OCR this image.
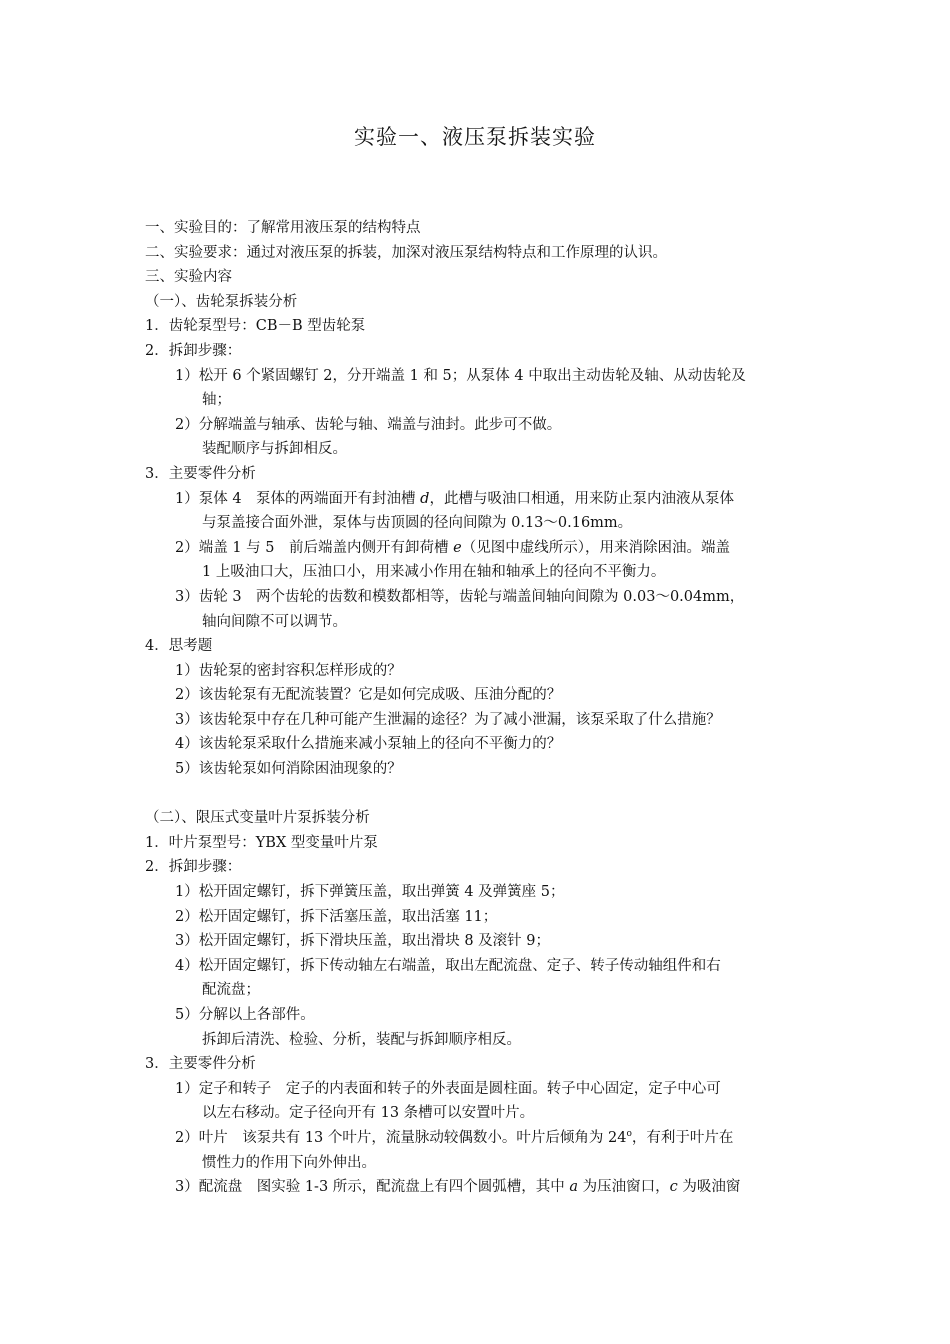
实验一、液压泵拆装实验
一、实验目的：了解常用液压泵的结构特点
二、实验要求：通过对液压泵的拆装，加深对液压泵结构特点和工作原理的认识。
三、实验内容
（一）、齿轮泵拆装分析
1．齿轮泵型号：CB－B 型齿轮泵
2．拆卸步骤：
1）松开 6 个紧固螺钉 2，分开端盖 1 和 5；从泵体 4 中取出主动齿轮及轴、从动齿轮及
轴；
2）分解端盖与轴承、齿轮与轴、端盖与油封。此步可不做。
装配顺序与拆卸相反。
3．主要零件分析
1）泵体 4　泵体的两端面开有封油槽 d，此槽与吸油口相通，用来防止泵内油液从泵体
与泵盖接合面外泄，泵体与齿顶圆的径向间隙为 0.13～0.16mm。
2）端盖 1 与 5　前后端盖内侧开有卸荷槽 e（见图中虚线所示），用来消除困油。端盖
1 上吸油口大，压油口小，用来减小作用在轴和轴承上的径向不平衡力。
3）齿轮 3　两个齿轮的齿数和模数都相等，齿轮与端盖间轴向间隙为 0.03～0.04mm，
轴向间隙不可以调节。
4．思考题
1）齿轮泵的密封容积怎样形成的？
2）该齿轮泵有无配流装置？它是如何完成吸、压油分配的？
3）该齿轮泵中存在几种可能产生泄漏的途径？为了减小泄漏，该泵采取了什么措施？
4）该齿轮泵采取什么措施来减小泵轴上的径向不平衡力的？
5）该齿轮泵如何消除困油现象的？
（二）、限压式变量叶片泵拆装分析
1．叶片泵型号：YBX 型变量叶片泵
2．拆卸步骤：
1）松开固定螺钉，拆下弹簧压盖，取出弹簧 4 及弹簧座 5；
2）松开固定螺钉，拆下活塞压盖，取出活塞 11；
3）松开固定螺钉，拆下滑块压盖，取出滑块 8 及滚针 9；
4）松开固定螺钉，拆下传动轴左右端盖，取出左配流盘、定子、转子传动轴组件和右
配流盘；
5）分解以上各部件。
拆卸后清洗、检验、分析，装配与拆卸顺序相反。
3．主要零件分析
1）定子和转子　定子的内表面和转子的外表面是圆柱面。转子中心固定，定子中心可
以左右移动。定子径向开有 13 条槽可以安置叶片。
2）叶片　该泵共有 13 个叶片，流量脉动较偶数小。叶片后倾角为 24$^o$，有利于叶片在
惯性力的作用下向外伸出。
3）配流盘　图实验 1-3 所示，配流盘上有四个圆弧槽，其中 a 为压油窗口，c 为吸油窗
